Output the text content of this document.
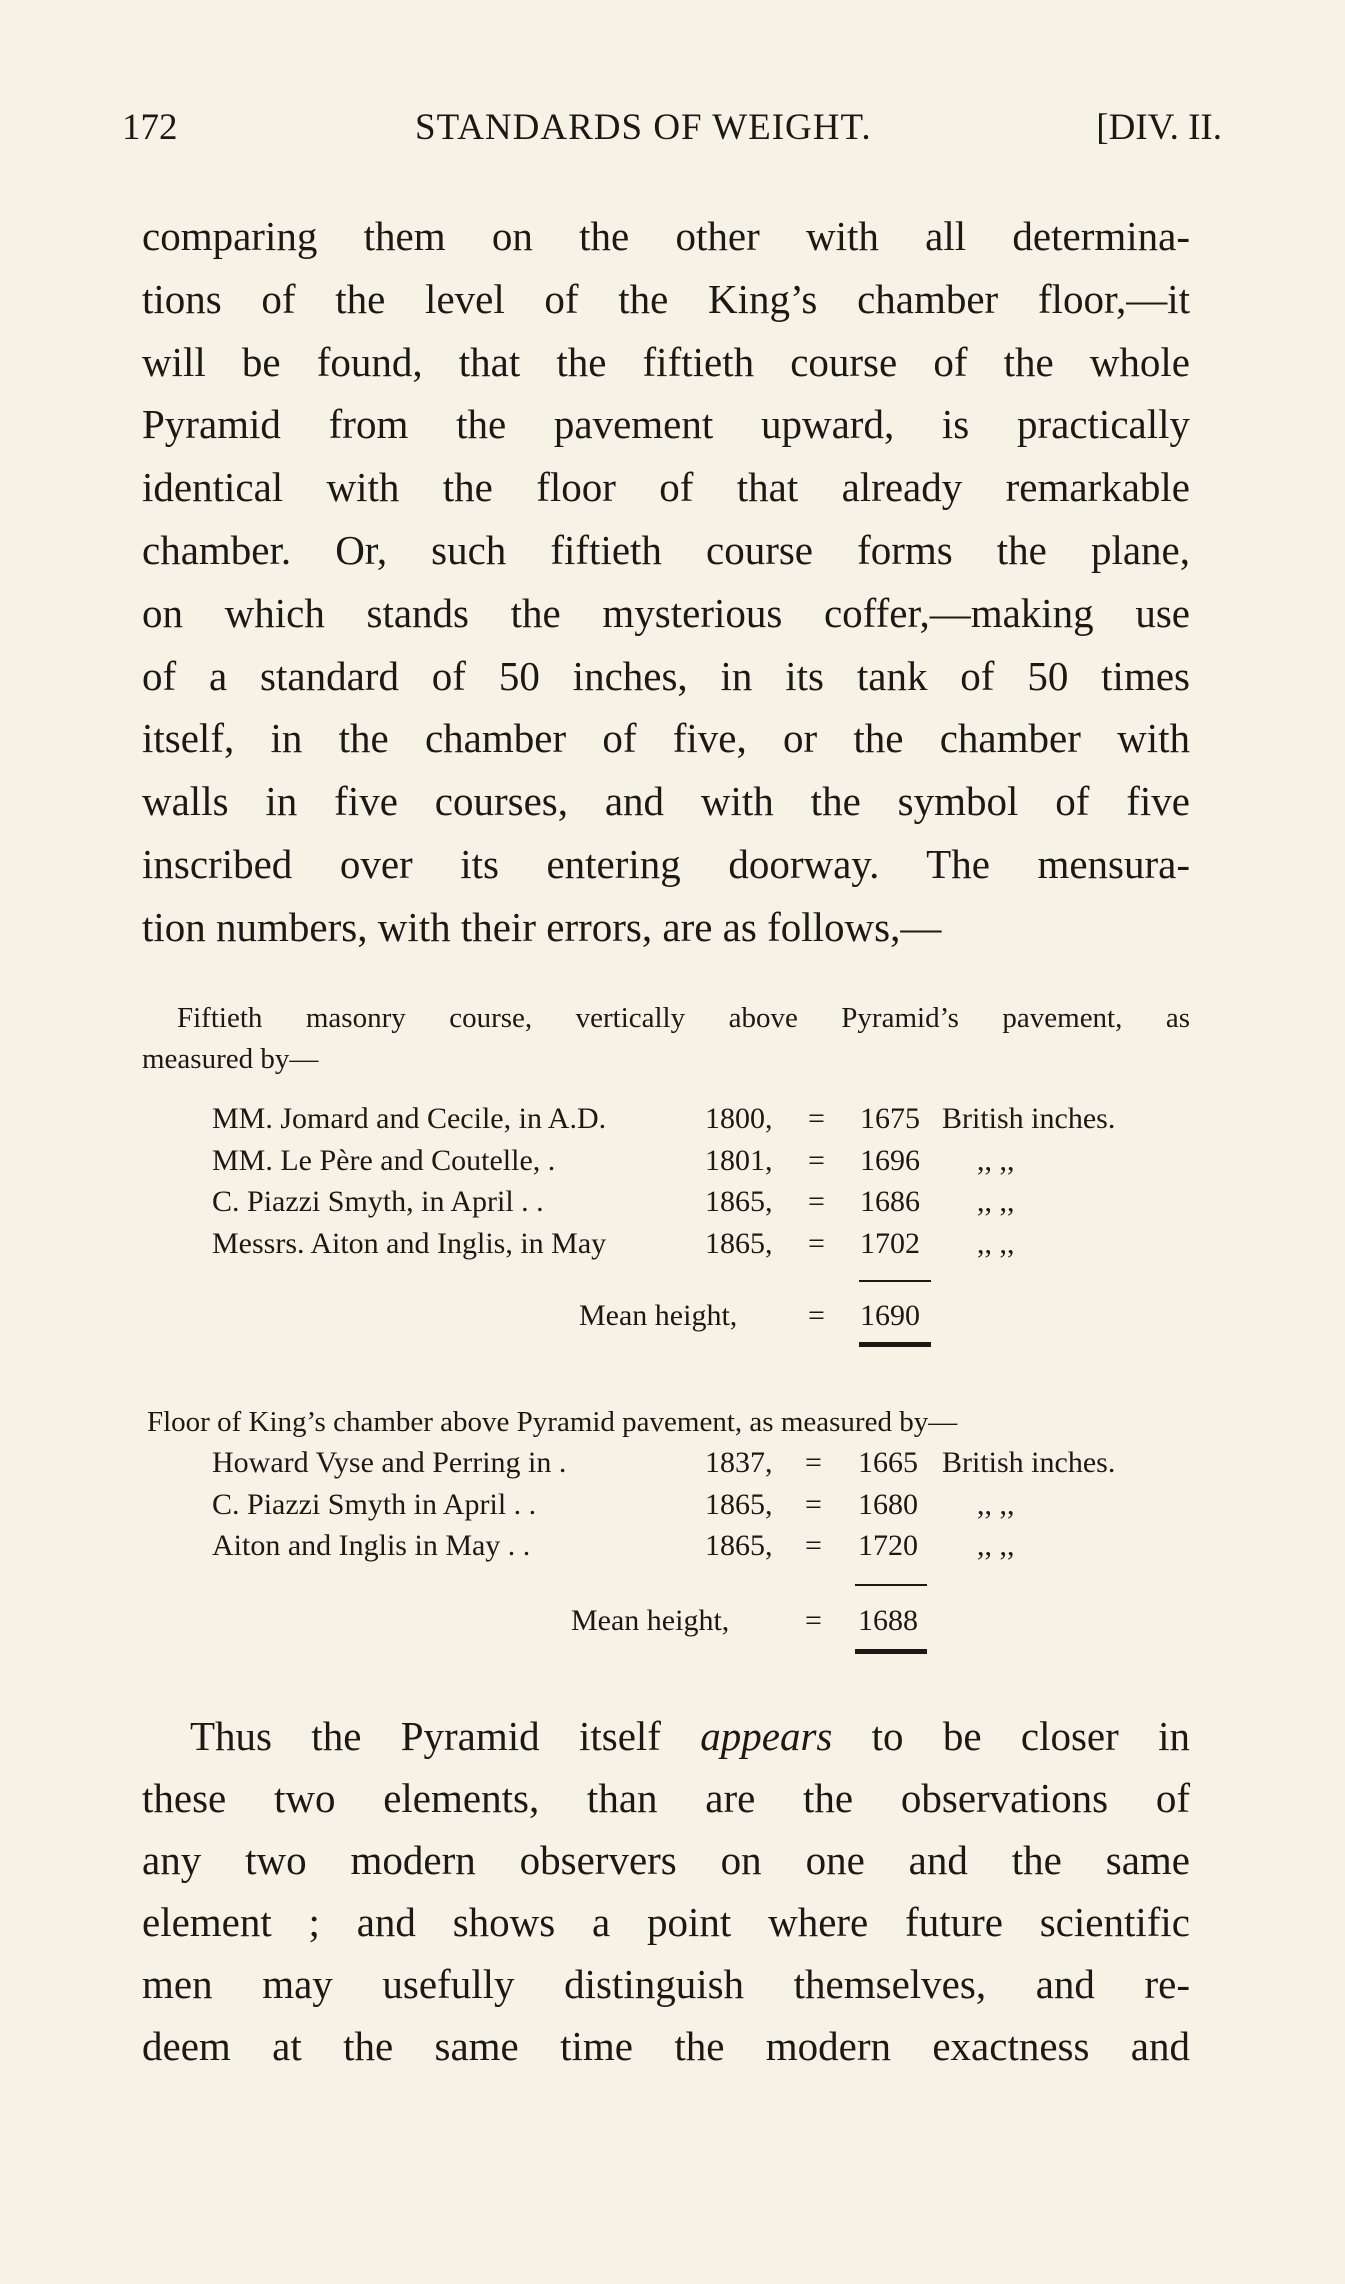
172	STANDARDS OF WEIGHT.	[DIV. II.
comparing them on the other with all determina-
tions of the level of the King’s chamber floor,—it
will be found, that the fiftieth course of the whole
Pyramid from the pavement upward, is practically
identical with the floor of that already remarkable
chamber. Or, such fiftieth course forms the plane,
on which stands the mysterious coffer,—making use
of a standard of 50 inches, in its tank of 50 times
itself, in the chamber of five, or the chamber with
walls in five courses, and with the symbol of five
inscribed over its entering doorway. The mensura-
tion numbers, with their errors, are as follows,—
Fiftieth masonry course, vertically above Pyramid’s pavement, as
measured by—
MM. Jomard and Cecile, in A.D.	1800, = 1675 British inches.
MM. Le Père and Coutelle, .	1801, = 1696 ,, ,,
C. Piazzi Smyth, in April . .	1865, = 1686 ,, ,,
Messrs. Aiton and Inglis, in May	1865, = 1702 ,, ,,
Mean height, = 1690
Floor of King’s chamber above Pyramid pavement, as measured by—
Howard Vyse and Perring in .	1837, = 1665 British inches.
C. Piazzi Smyth in April . .	1865, = 1680 ,, ,,
Aiton and Inglis in May . .	1865, = 1720 ,, ,,
Mean height,	= 1688
Thus the Pyramid itself appears to be closer in
these two elements, than are the observations of
any two modern observers on one and the same
element ; and shows a point where future scientific
men may usefully distinguish themselves, and re-
deem at the same time the modern exactness and
